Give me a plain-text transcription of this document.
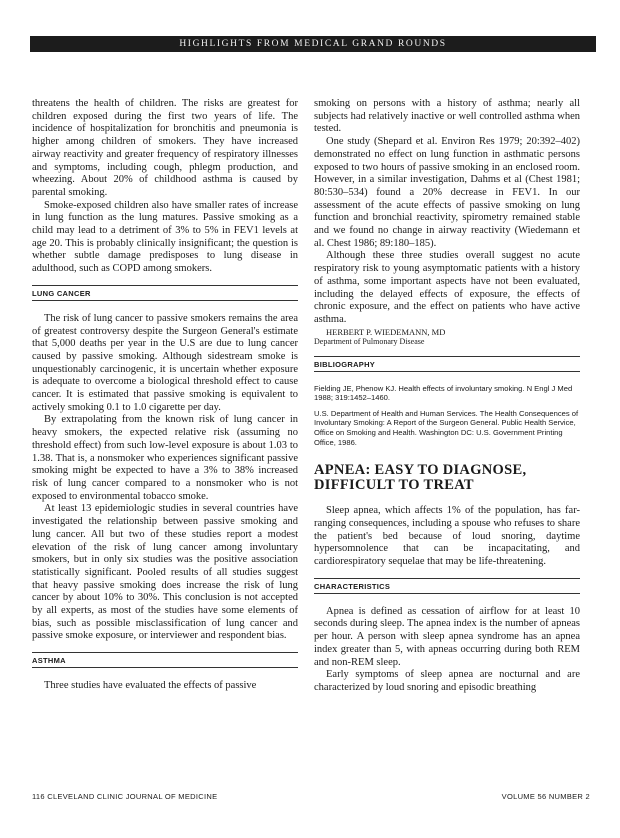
HIGHLIGHTS FROM MEDICAL GRAND ROUNDS

threatens the health of children. The risks are greatest for children exposed during the first two years of life. The incidence of hospitalization for bronchitis and pneumonia is higher among children of smokers. They have increased airway reactivity and greater frequency of respiratory illnesses and symptoms, including cough, phlegm production, and wheezing. About 20% of childhood asthma is caused by parental smoking.

Smoke-exposed children also have smaller rates of increase in lung function as the lung matures. Passive smoking as a child may lead to a detriment of 3% to 5% in FEV1 levels at age 20. This is probably clinically insignificant; the question is whether subtle damage predisposes to lung disease in adulthood, such as COPD among smokers.

LUNG CANCER

The risk of lung cancer to passive smokers remains the area of greatest controversy despite the Surgeon General's estimate that 5,000 deaths per year in the U.S are due to lung cancer caused by passive smoking. Although sidestream smoke is unquestionably carcinogenic, it is uncertain whether exposure is adequate to overcome a biological threshold effect to cause cancer. It is estimated that passive smoking is equivalent to actively smoking 0.1 to 1.0 cigarette per day.

By extrapolating from the known risk of lung cancer in heavy smokers, the expected relative risk (assuming no threshold effect) from such low-level exposure is about 1.03 to 1.38. That is, a nonsmoker who experiences significant passive smoking might be expected to have a 3% to 38% increased risk of lung cancer compared to a nonsmoker who is not exposed to environmental tobacco smoke.

At least 13 epidemiologic studies in several countries have investigated the relationship between passive smoking and lung cancer. All but two of these studies report a modest elevation of the risk of lung cancer among involuntary smokers, but in only six studies was the positive association statistically significant. Pooled results of all studies suggest that heavy passive smoking does increase the risk of lung cancer by about 10% to 30%. This conclusion is not accepted by all experts, as most of the studies have some elements of bias, such as possible misclassification of lung cancer and passive smoke exposure, or interviewer and respondent bias.

ASTHMA

Three studies have evaluated the effects of passive

smoking on persons with a history of asthma; nearly all subjects had relatively inactive or well controlled asthma when tested.

One study (Shepard et al. Environ Res 1979; 20:392–402) demonstrated no effect on lung function in asthmatic persons exposed to two hours of passive smoking in an enclosed room. However, in a similar investigation, Dahms et al (Chest 1981; 80:530–534) found a 20% decrease in FEV1. In our assessment of the acute effects of passive smoking on lung function and bronchial reactivity, spirometry remained stable and we found no change in airway reactivity (Wiedemann et al. Chest 1986; 89:180–185).

Although these three studies overall suggest no acute respiratory risk to young asymptomatic patients with a history of asthma, some important aspects have not been evaluated, including the delayed effects of exposure, the effects of chronic exposure, and the effect on patients who have active asthma.

HERBERT P. WIEDEMANN, MD

Department of Pulmonary Disease

BIBLIOGRAPHY

Fielding JE, Phenow KJ. Health effects of involuntary smoking. N Engl J Med 1988; 319:1452–1460.

U.S. Department of Health and Human Services. The Health Consequences of Involuntary Smoking: A Report of the Surgeon General. Public Health Service, Office on Smoking and Health. Washington DC: U.S. Government Printing Office, 1986.

APNEA: EASY TO DIAGNOSE,
DIFFICULT TO TREAT

Sleep apnea, which affects 1% of the population, has far-ranging consequences, including a spouse who refuses to share the patient's bed because of loud snoring, daytime hypersomnolence that can be incapacitating, and cardiorespiratory sequelae that may be life-threatening.

CHARACTERISTICS

Apnea is defined as cessation of airflow for at least 10 seconds during sleep. The apnea index is the number of apneas per hour. A person with sleep apnea syndrome has an apnea index greater than 5, with apneas occurring during both REM and non-REM sleep.

Early symptoms of sleep apnea are nocturnal and are characterized by loud snoring and episodic breathing

116 CLEVELAND CLINIC JOURNAL OF MEDICINE	VOLUME 56 NUMBER 2
